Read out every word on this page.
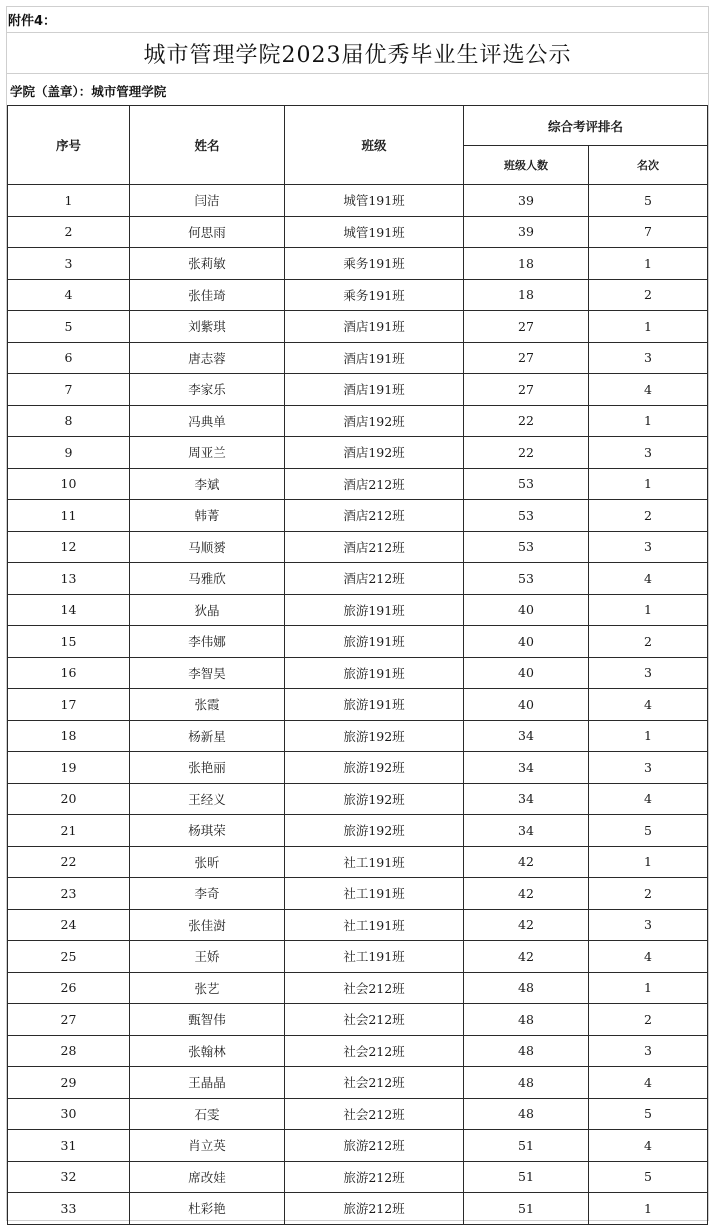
附件4：
城市管理学院2023届优秀毕业生评选公示
学院（盖章）：城市管理学院
序号	姓名	班级	综合考评排名	
			班级人数	名次
1	闫洁	城管191班	39	5
2	何思雨	城管191班	39	7
3	张莉敏	乘务191班	18	1
4	张佳琦	乘务191班	18	2
5	刘紫琪	酒店191班	27	1
6	唐志蓉	酒店191班	27	3
7	李家乐	酒店191班	27	4
8	冯典单	酒店192班	22	1
9	周亚兰	酒店192班	22	3
10	李斌	酒店212班	53	1
11	韩菁	酒店212班	53	2
12	马顺赟	酒店212班	53	3
13	马雅欣	酒店212班	53	4
14	狄晶	旅游191班	40	1
15	李伟娜	旅游191班	40	2
16	李智昊	旅游191班	40	3
17	张霞	旅游191班	40	4
18	杨新星	旅游192班	34	1
19	张艳丽	旅游192班	34	3
20	王经义	旅游192班	34	4
21	杨琪荣	旅游192班	34	5
22	张昕	社工191班	42	1
23	李奇	社工191班	42	2
24	张佳澍	社工191班	42	3
25	王娇	社工191班	42	4
26	张艺	社会212班	48	1
27	甄智伟	社会212班	48	2
28	张翰林	社会212班	48	3
29	王晶晶	社会212班	48	4
30	石雯	社会212班	48	5
31	肖立英	旅游212班	51	4
32	席改娃	旅游212班	51	5
33	杜彩艳	旅游212班	51	1
